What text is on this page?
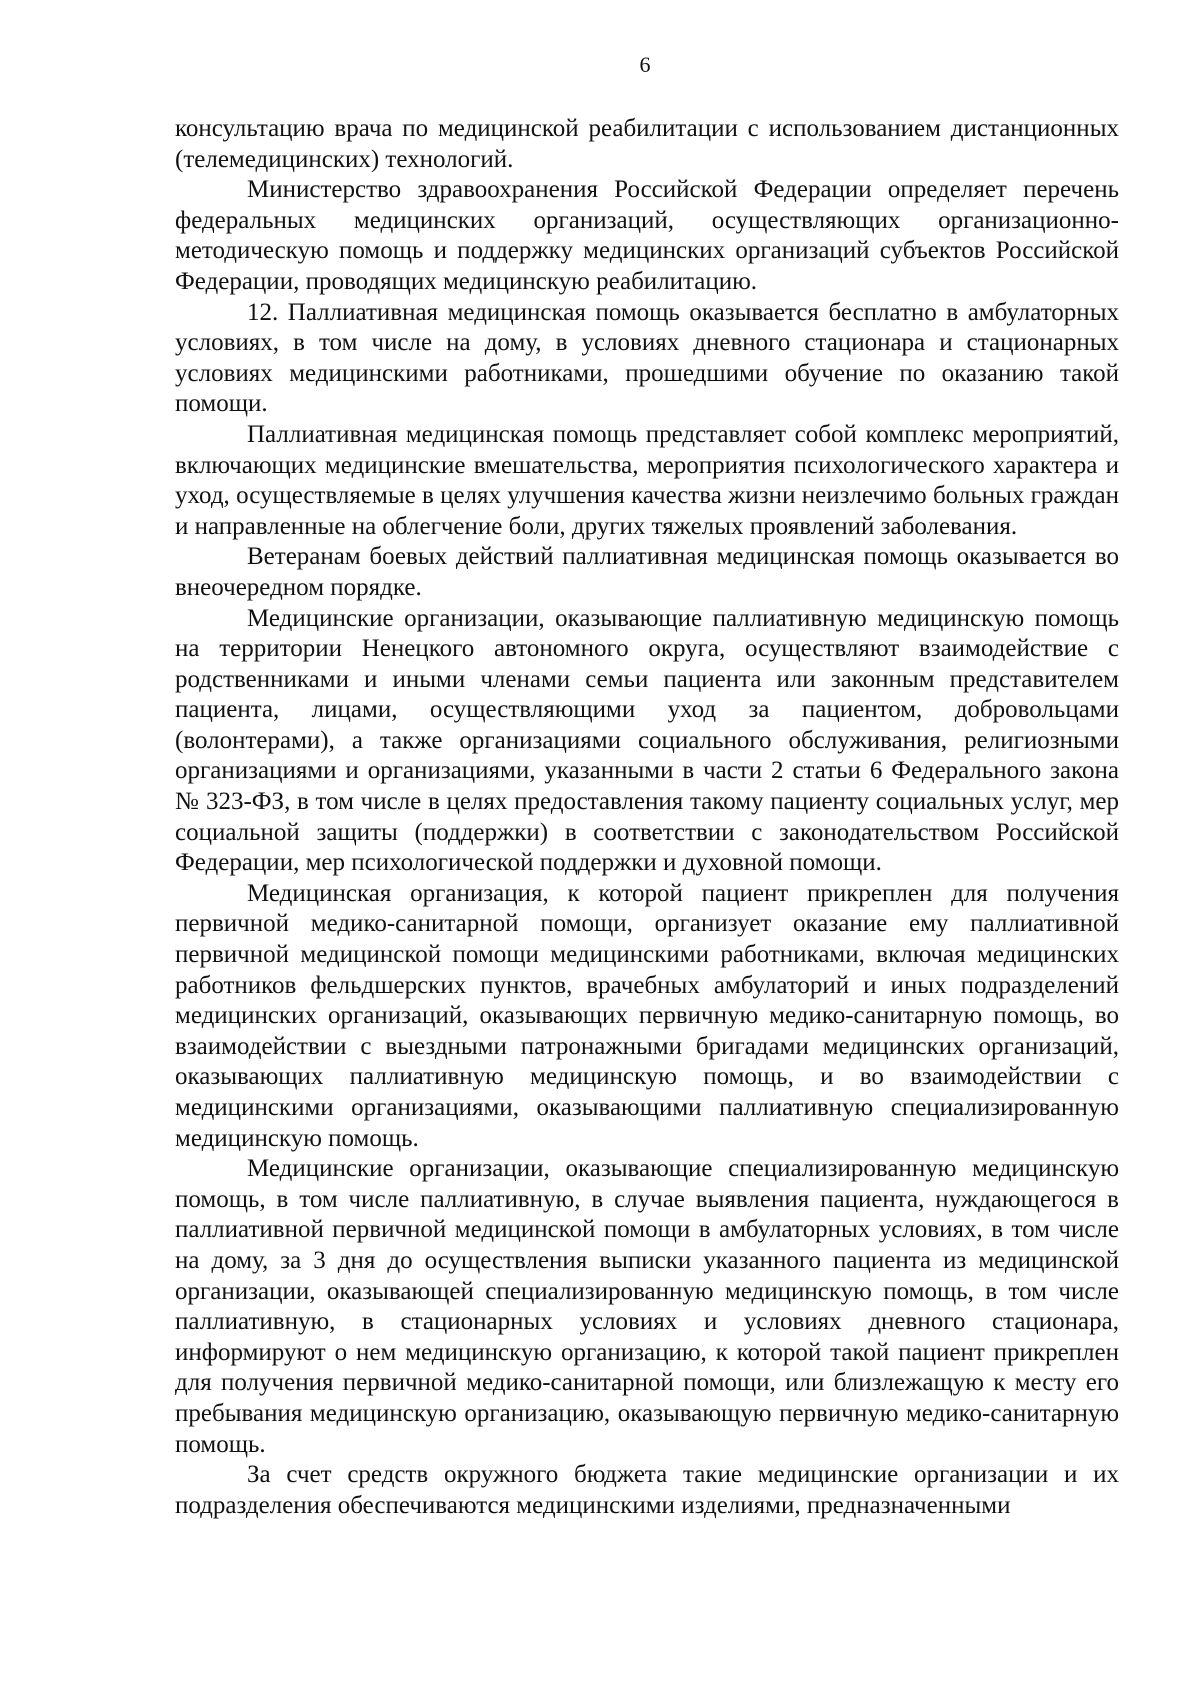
6

консультацию врача по медицинской реабилитации с использованием дистанционных (телемедицинских) технологий.

Министерство здравоохранения Российской Федерации определяет перечень федеральных медицинских организаций, осуществляющих организационно-методическую помощь и поддержку медицинских организаций субъектов Российской Федерации, проводящих медицинскую реабилитацию.

12. Паллиативная медицинская помощь оказывается бесплатно в амбулаторных условиях, в том числе на дому, в условиях дневного стационара и стационарных условиях медицинскими работниками, прошедшими обучение по оказанию такой помощи.

Паллиативная медицинская помощь представляет собой комплекс мероприятий, включающих медицинские вмешательства, мероприятия психологического характера и уход, осуществляемые в целях улучшения качества жизни неизлечимо больных граждан и направленные на облегчение боли, других тяжелых проявлений заболевания.

Ветеранам боевых действий паллиативная медицинская помощь оказывается во внеочередном порядке.

Медицинские организации, оказывающие паллиативную медицинскую помощь на территории Ненецкого автономного округа, осуществляют взаимодействие с родственниками и иными членами семьи пациента или законным представителем пациента, лицами, осуществляющими уход за пациентом, добровольцами (волонтерами), а также организациями социального обслуживания, религиозными организациями и организациями, указанными в части 2 статьи 6 Федерального закона № 323-ФЗ, в том числе в целях предоставления такому пациенту социальных услуг, мер социальной защиты (поддержки) в соответствии с законодательством Российской Федерации, мер психологической поддержки и духовной помощи.

Медицинская организация, к которой пациент прикреплен для получения первичной медико-санитарной помощи, организует оказание ему паллиативной первичной медицинской помощи медицинскими работниками, включая медицинских работников фельдшерских пунктов, врачебных амбулаторий и иных подразделений медицинских организаций, оказывающих первичную медико-санитарную помощь, во взаимодействии с выездными патронажными бригадами медицинских организаций, оказывающих паллиативную медицинскую помощь, и во взаимодействии с медицинскими организациями, оказывающими паллиативную специализированную медицинскую помощь.

Медицинские организации, оказывающие специализированную медицинскую помощь, в том числе паллиативную, в случае выявления пациента, нуждающегося в паллиативной первичной медицинской помощи в амбулаторных условиях, в том числе на дому, за 3 дня до осуществления выписки указанного пациента из медицинской организации, оказывающей специализированную медицинскую помощь, в том числе паллиативную, в стационарных условиях и условиях дневного стационара, информируют о нем медицинскую организацию, к которой такой пациент прикреплен для получения первичной медико-санитарной помощи, или близлежащую к месту его пребывания медицинскую организацию, оказывающую первичную медико-санитарную помощь.

За счет средств окружного бюджета такие медицинские организации и их подразделения обеспечиваются медицинскими изделиями, предназначенными
